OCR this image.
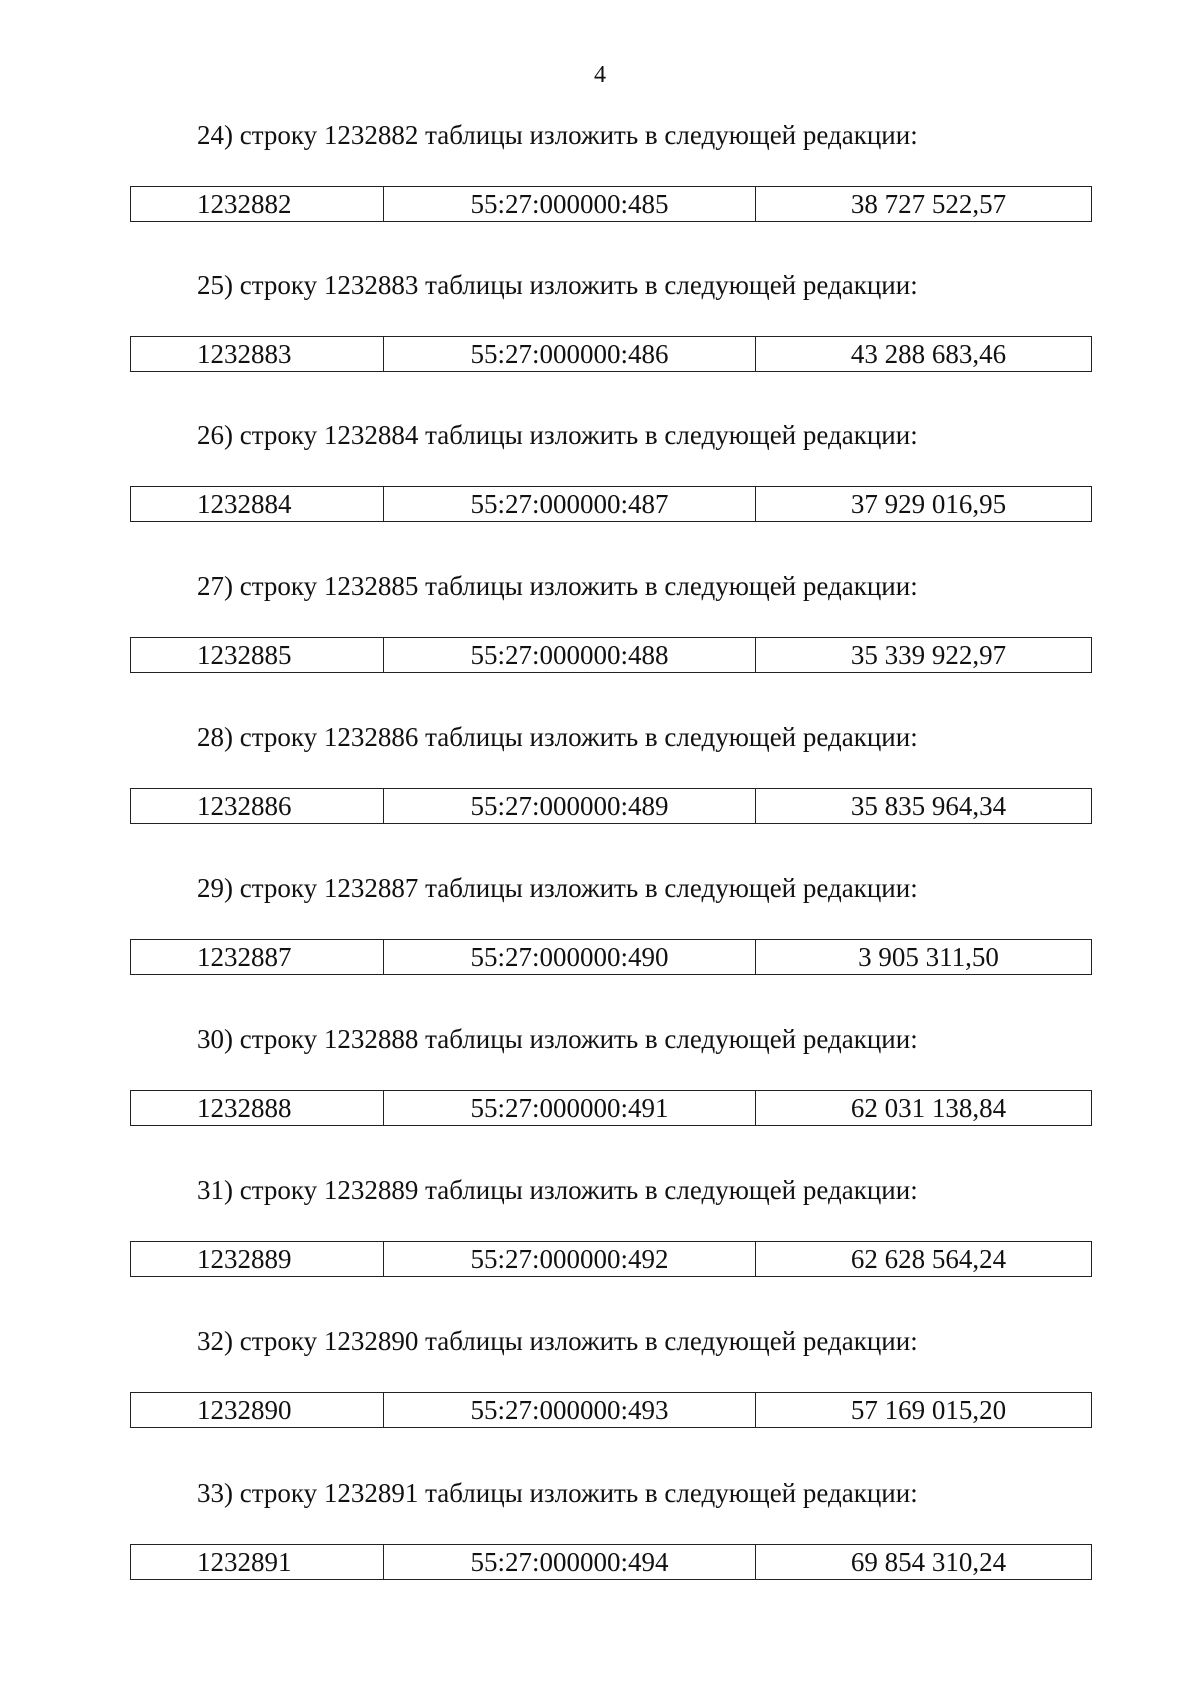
4
24) строку 1232882 таблицы изложить в следующей редакции:
1232882	55:27:000000:485	38 727 522,57
25) строку 1232883 таблицы изложить в следующей редакции:
1232883	55:27:000000:486	43 288 683,46
26) строку 1232884 таблицы изложить в следующей редакции:
1232884	55:27:000000:487	37 929 016,95
27) строку 1232885 таблицы изложить в следующей редакции:
1232885	55:27:000000:488	35 339 922,97
28) строку 1232886 таблицы изложить в следующей редакции:
1232886	55:27:000000:489	35 835 964,34
29) строку 1232887 таблицы изложить в следующей редакции:
1232887	55:27:000000:490	3 905 311,50
30) строку 1232888 таблицы изложить в следующей редакции:
1232888	55:27:000000:491	62 031 138,84
31) строку 1232889 таблицы изложить в следующей редакции:
1232889	55:27:000000:492	62 628 564,24
32) строку 1232890 таблицы изложить в следующей редакции:
1232890	55:27:000000:493	57 169 015,20
33) строку 1232891 таблицы изложить в следующей редакции:
1232891	55:27:000000:494	69 854 310,24
